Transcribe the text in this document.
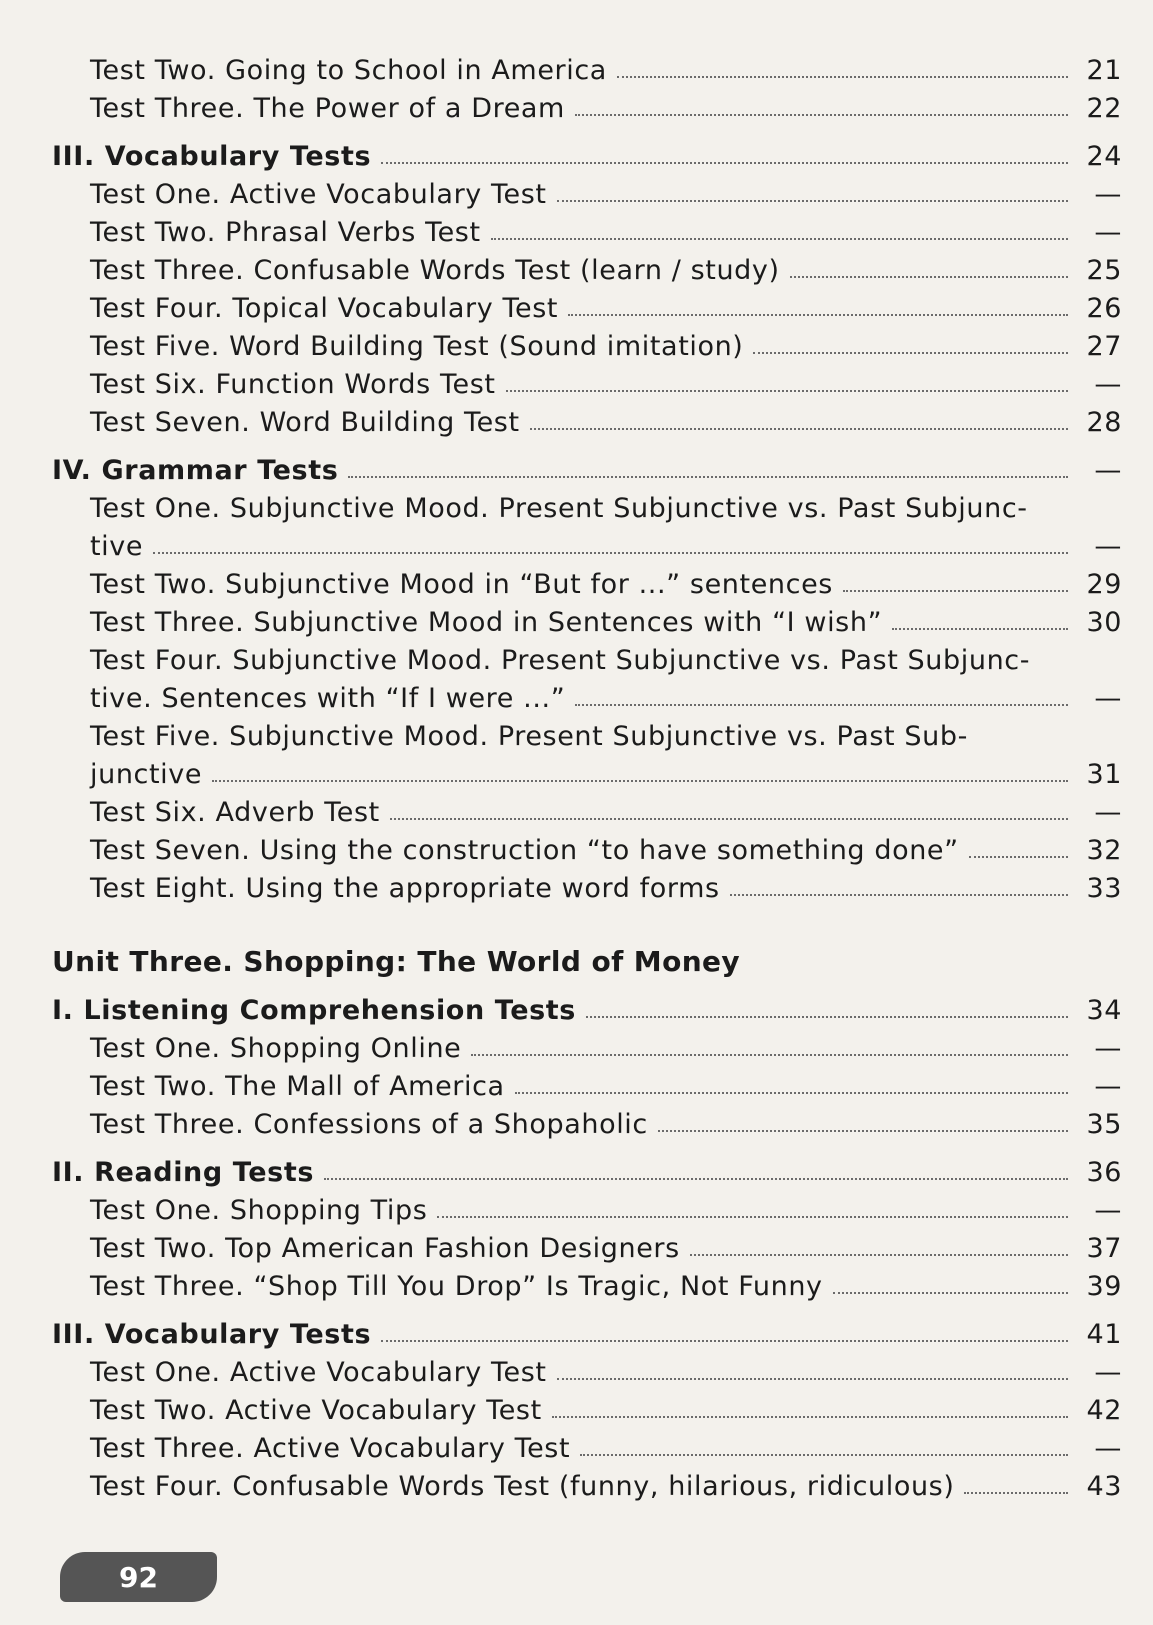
Test Two. Going to School in America	21
Test Three. The Power of a Dream	22
III. Vocabulary Tests	24
Test One. Active Vocabulary Test	—
Test Two. Phrasal Verbs Test	—
Test Three. Confusable Words Test (learn / study)	25
Test Four. Topical Vocabulary Test	26
Test Five. Word Building Test (Sound imitation)	27
Test Six. Function Words Test	—
Test Seven. Word Building Test	28
IV. Grammar Tests	—
Test One. Subjunctive Mood. Present Subjunctive vs. Past Subjunc-
tive	—
Test Two. Subjunctive Mood in “But for ...” sentences	29
Test Three. Subjunctive Mood in Sentences with “I wish”	30
Test Four. Subjunctive Mood. Present Subjunctive vs. Past Subjunc-
tive. Sentences with “If I were ...”	—
Test Five. Subjunctive Mood. Present Subjunctive vs. Past Sub-
junctive	31
Test Six. Adverb Test	—
Test Seven. Using the construction “to have something done”	32
Test Eight. Using the appropriate word forms	33
Unit Three. Shopping: The World of Money
I. Listening Comprehension Tests	34
Test One. Shopping Online	—
Test Two. The Mall of America	—
Test Three. Confessions of a Shopaholic	35
II. Reading Tests	36
Test One. Shopping Tips	—
Test Two. Top American Fashion Designers	37
Test Three. “Shop Till You Drop” Is Tragic, Not Funny	39
III. Vocabulary Tests	41
Test One. Active Vocabulary Test	—
Test Two. Active Vocabulary Test	42
Test Three. Active Vocabulary Test	—
Test Four. Confusable Words Test (funny, hilarious, ridiculous)	43
92
